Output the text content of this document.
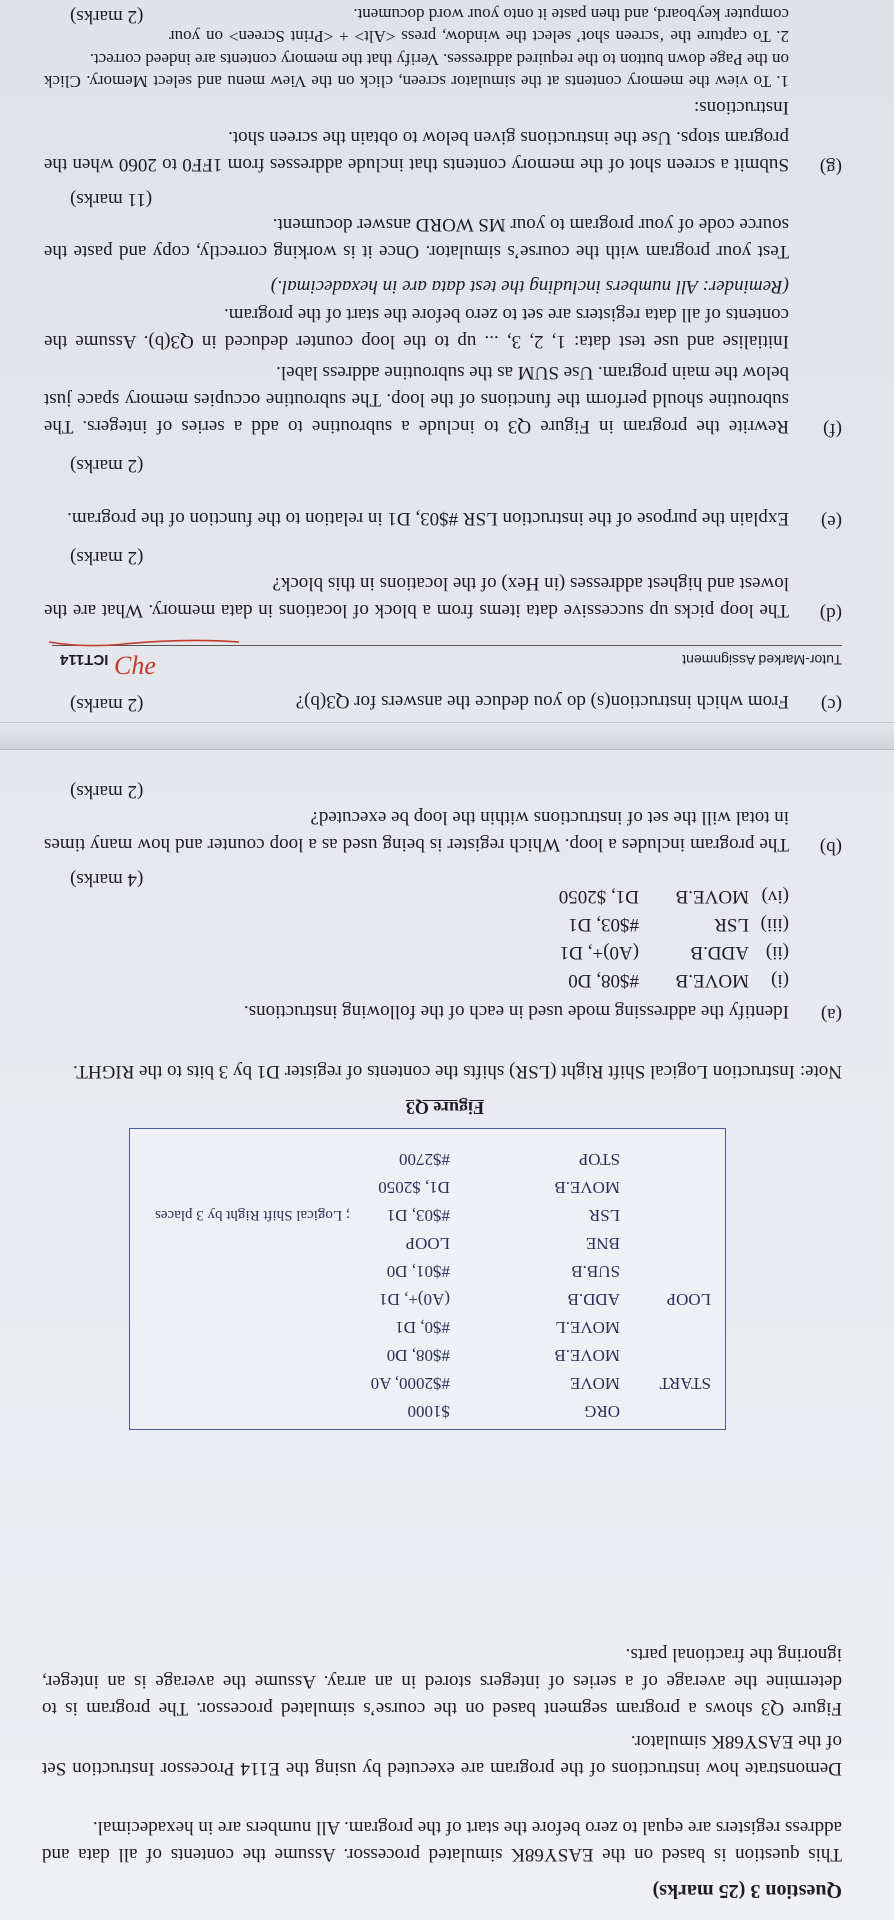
Question 3 (25 marks)
This question is based on the EASY68K simulated processor. Assume the contents of all data and address registers are equal to zero before the start of the program. All numbers are in hexadecimal.
Demonstrate how instructions of the program are executed by using the E114 Processor Instruction Set of the EASY68K simulator.
Figure Q3 shows a program segment based on the course’s simulated processor. The program is to determine the average of a series of integers stored in an array. Assume the average is an integer, ignoring the fractional parts.
ORG
$1000
START
MOVE
#$2000, A0
MOVE.B
#$08, D0
MOVE.L
#$0, D1
LOOP
ADD.B
(A0)+, D1
SUB.B
#$01, D0
BNE
LOOP
LSR
#$03, D1
; Logical Shift Right by 3 places
MOVE.B
D1, $2050
STOP
#$2700
Figure Q3
Note: Instruction Logical Shift Right (LSR) shifts the contents of register D1 by 3 bits to the RIGHT.
(a)
Identify the addressing mode used in each of the following instructions.
(i)
MOVE.B
#$08, D0
(ii)
ADD.B
(A0)+, D1
(iii)
LSR
#$03, D1
(iv)
MOVE.B
D1, $2050
(4 marks)
(b)
The program includes a loop. Which register is being used as a loop counter and how many times in total will the set of instructions within the loop be executed?
(2 marks)
(c)
From which instruction(s) do you deduce the answers for Q3(b)?
(2 marks)
Tutor-Marked Assignment
ICT114 Che
(d)
The loop picks up successive data items from a block of locations in data memory. What are the lowest and highest addresses (in Hex) of the locations in this block?
(2 marks)
(e)
Explain the purpose of the instruction LSR #$03, D1 in relation to the function of the program.
(2 marks)
(f)
Rewrite the program in Figure Q3 to include a subroutine to add a series of integers. The subroutine should perform the functions of the loop. The subroutine occupies memory space just below the main program. Use SUM as the subroutine address label.
Initialise and use test data: 1, 2, 3, ... up to the loop counter deduced in Q3(b). Assume the contents of all data registers are set to zero before the start of the program.
(Reminder: All numbers including the test data are in hexadecimal.)
Test your program with the course’s simulator. Once it is working correctly, copy and paste the source code of your program to your MS WORD answer document.
(11 marks)
(g)
Submit a screen shot of the memory contents that include addresses from 1FF0 to 2060 when the program stops. Use the instructions given below to obtain the screen shot.
Instructions:
1. To view the memory contents at the simulator screen, click on the View menu and select Memory. Click on the Page down button to the required addresses. Verify that the memory contents are indeed correct.
2. To capture the ‘screen shot’ select the window, press <Alt> + <Print Screen> on your computer keyboard, and then paste it onto your word document.
(2 marks)
